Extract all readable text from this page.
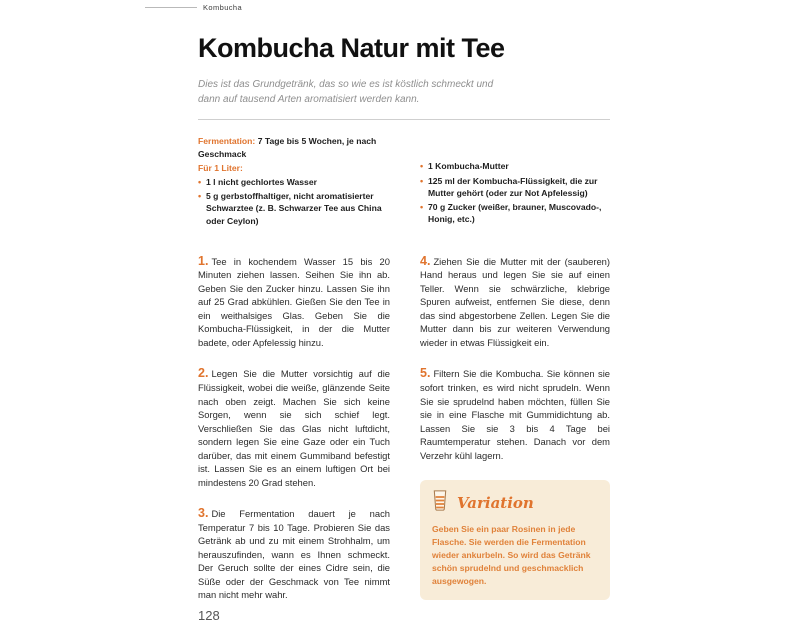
Kombucha
Kombucha Natur mit Tee

Dies ist das Grundgetränk, das so wie es ist köstlich schmeckt und dann auf tausend Arten aromatisiert werden kann.

Fermentation: 7 Tage bis 5 Wochen, je nach Geschmack

Für 1 Liter:

• 1 l nicht gechlortes Wasser
• 5 g gerbstoffhaltiger, nicht aromatisierter Schwarztee (z. B. Schwarzer Tee aus China oder Ceylon)
• 1 Kombucha-Mutter
• 125 ml der Kombucha-Flüssigkeit, die zur Mutter gehört (oder zur Not Apfelessig)
• 70 g Zucker (weißer, brauner, Muscovado-, Honig, etc.)

1. Tee in kochendem Wasser 15 bis 20 Minuten ziehen lassen. Seihen Sie ihn ab. Geben Sie den Zucker hinzu. Lassen Sie ihn auf 25 Grad abkühlen. Gießen Sie den Tee in ein weithalsiges Glas. Geben Sie die Kombucha-Flüssigkeit, in der die Mutter badete, oder Apfelessig hinzu.

2. Legen Sie die Mutter vorsichtig auf die Flüssigkeit, wobei die weiße, glänzende Seite nach oben zeigt. Machen Sie sich keine Sorgen, wenn sie sich schief legt. Verschließen Sie das Glas nicht luftdicht, sondern legen Sie eine Gaze oder ein Tuch darüber, das mit einem Gummiband befestigt ist. Lassen Sie es an einem luftigen Ort bei mindestens 20 Grad stehen.

3. Die Fermentation dauert je nach Temperatur 7 bis 10 Tage. Probieren Sie das Getränk ab und zu mit einem Strohhalm, um herauszufinden, wann es Ihnen schmeckt. Der Geruch sollte der eines Cidre sein, die Süße oder der Geschmack von Tee nimmt man nicht mehr wahr.

4. Ziehen Sie die Mutter mit der (sauberen) Hand heraus und legen Sie sie auf einen Teller. Wenn sie schwärzliche, klebrige Spuren aufweist, entfernen Sie diese, denn das sind abgestorbene Zellen. Legen Sie die Mutter dann bis zur weiteren Verwendung wieder in etwas Flüssigkeit ein.

5. Filtern Sie die Kombucha. Sie können sie sofort trinken, es wird nicht sprudeln. Wenn Sie sie sprudelnd haben möchten, füllen Sie sie in eine Flasche mit Gummidichtung ab. Lassen Sie sie 3 bis 4 Tage bei Raumtemperatur stehen. Danach vor dem Verzehr kühl lagern.

Variation

Geben Sie ein paar Rosinen in jede Flasche. Sie werden die Fermentation wieder ankurbeln. So wird das Getränk schön sprudelnd und geschmacklich ausgewogen.

128
